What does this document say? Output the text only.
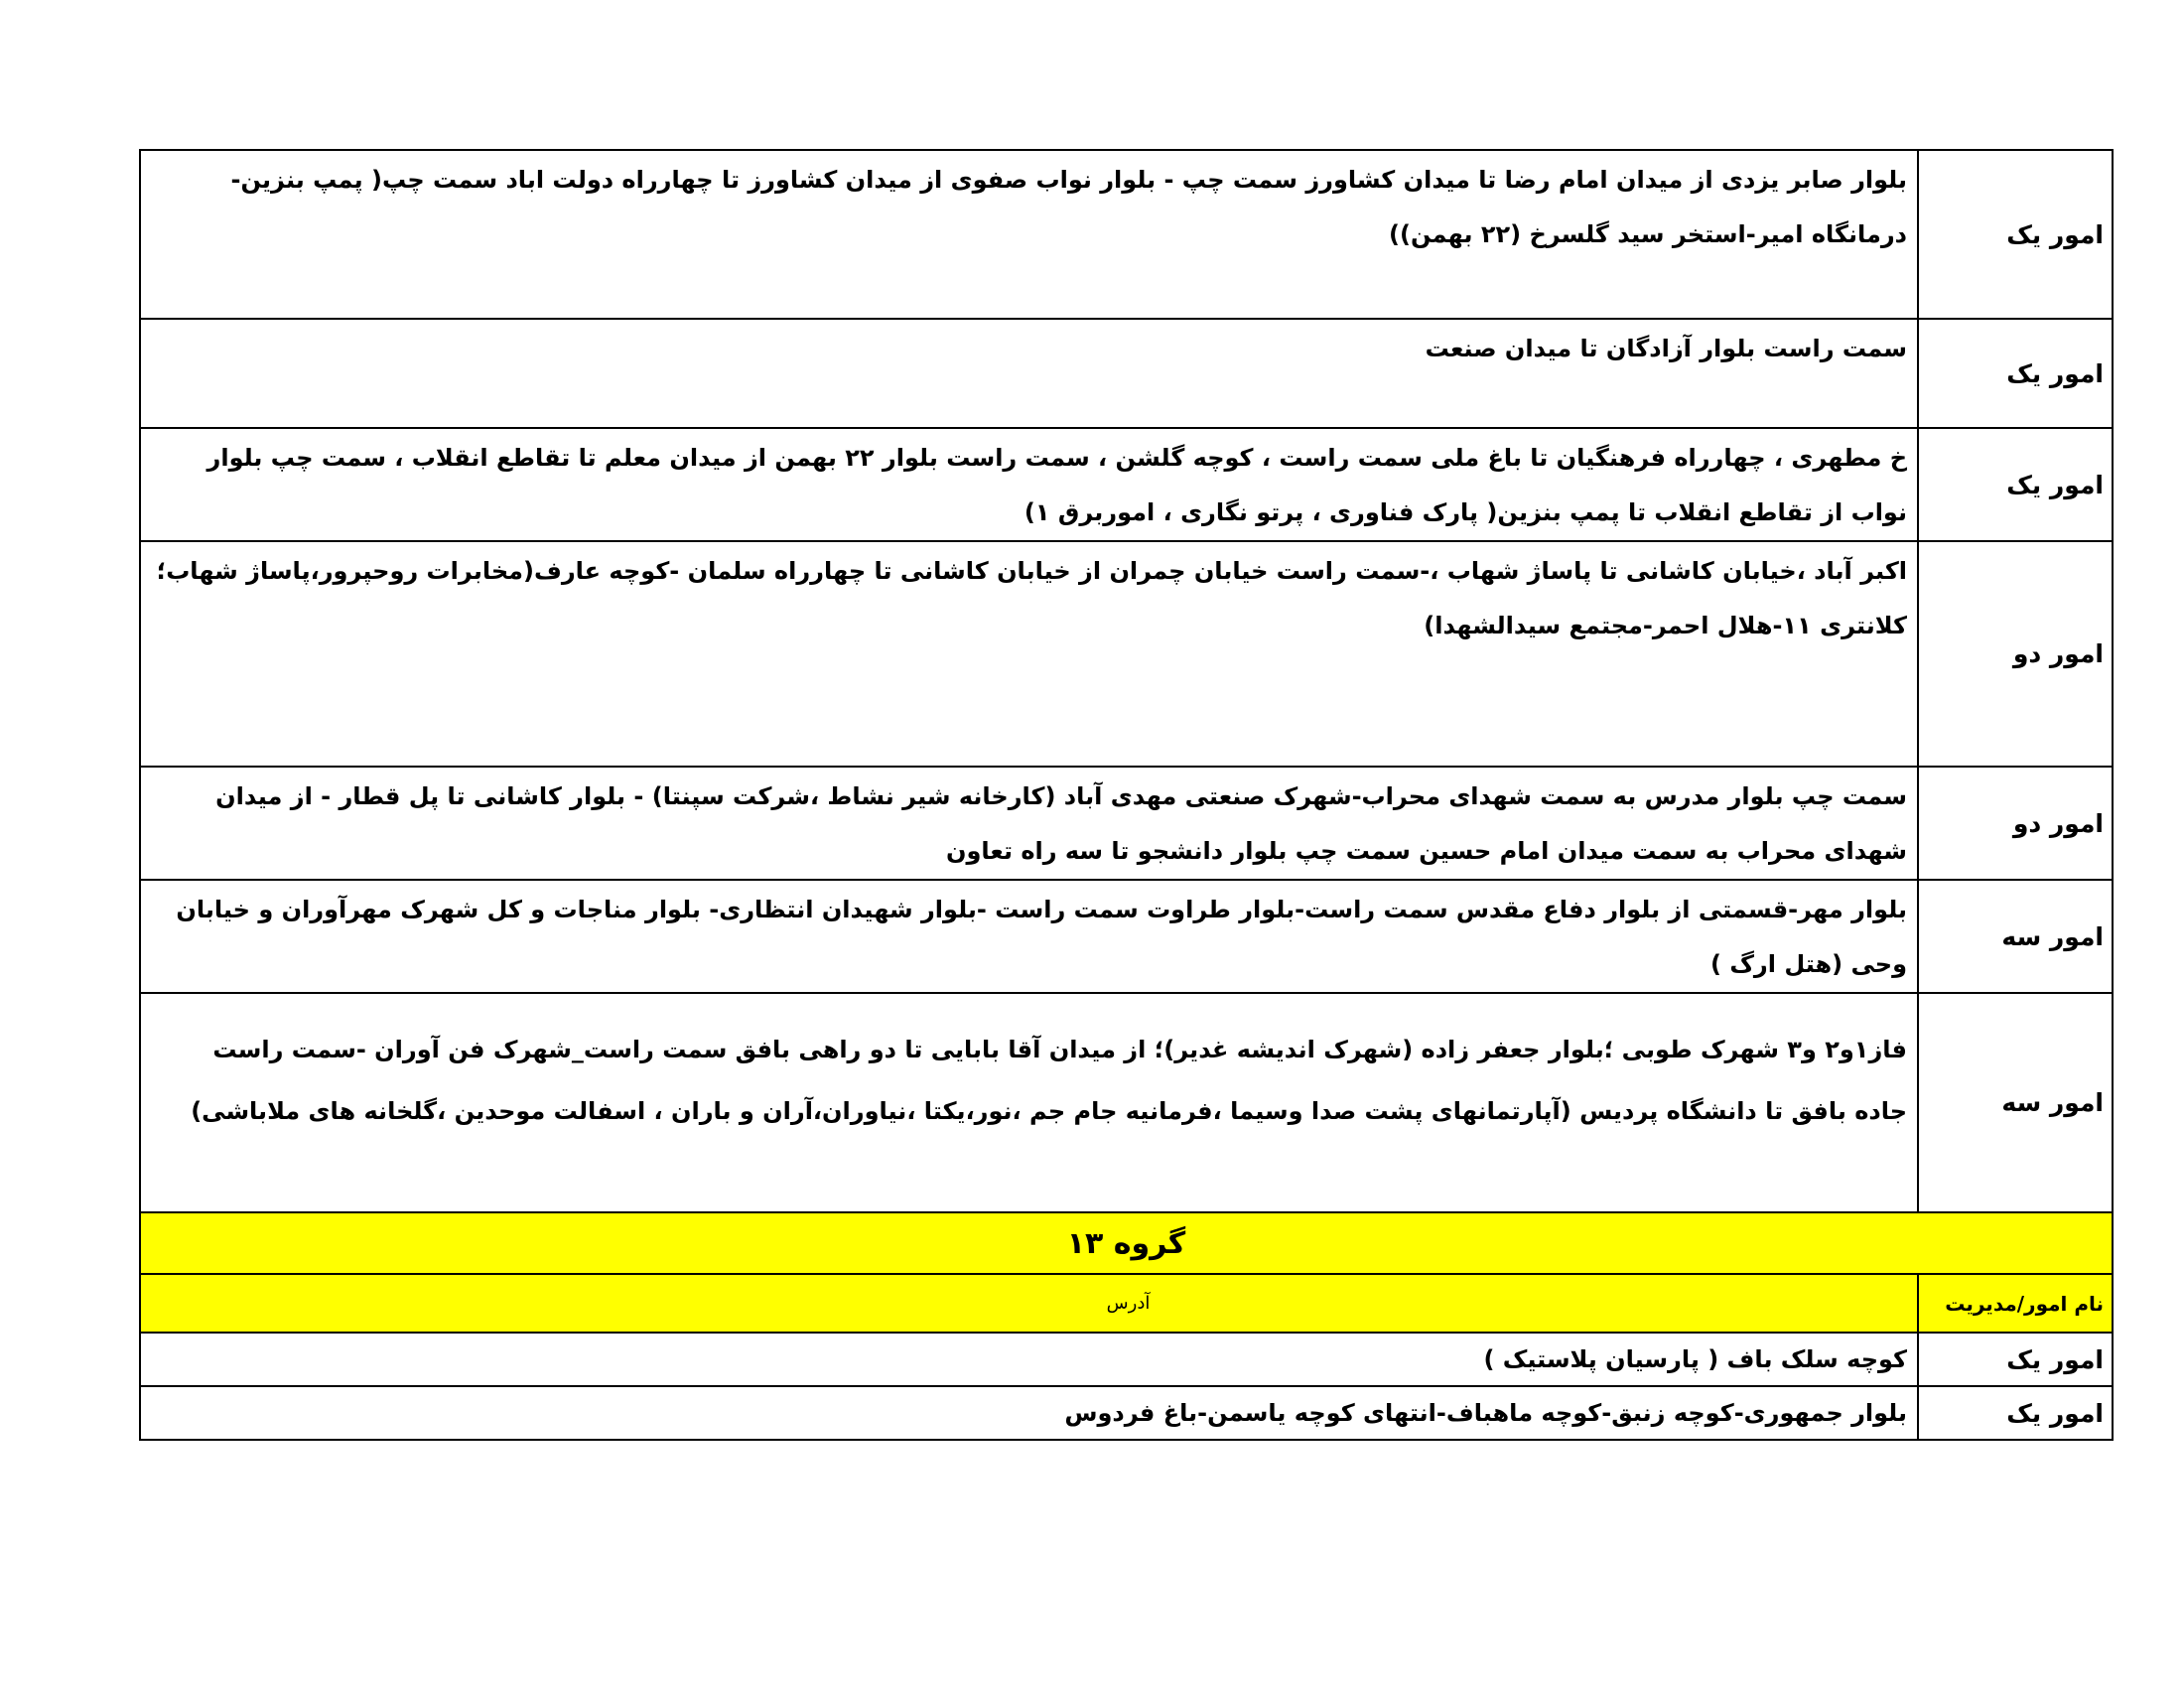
امور یک	بلوار صابر یزدی از میدان امام رضا تا میدان کشاورز سمت چپ - بلوار نواب صفوی از میدان کشاورز تا چهارراه دولت اباد سمت چپ( پمپ بنزین-درمانگاه امیر-استخر سید گلسرخ (۲۲ بهمن))
امور یک	سمت راست بلوار آزادگان تا میدان صنعت
امور یک	خ مطهری ، چهارراه فرهنگیان تا باغ ملی سمت راست ، کوچه گلشن ، سمت راست بلوار ۲۲ بهمن از میدان معلم تا تقاطع انقلاب ، سمت چپ بلوار نواب از تقاطع انقلاب تا پمپ بنزین( پارک فناوری ، پرتو نگاری ، اموربرق ۱)
امور دو	اکبر آباد ،خیابان کاشانی تا پاساژ شهاب ،-سمت راست خیابان چمران از خیابان کاشانی تا چهارراه سلمان -کوچه عارف(مخابرات روحپرور،پاساژ شهاب؛ کلانتری ۱۱-هلال احمر-مجتمع سیدالشهدا)
امور دو	سمت چپ بلوار مدرس به سمت شهدای محراب-شهرک صنعتی مهدی آباد (کارخانه شیر نشاط ،شرکت سپنتا) - بلوار کاشانی تا پل قطار - از میدان شهدای محراب به سمت میدان امام حسین سمت چپ بلوار دانشجو تا سه راه تعاون
امور سه	بلوار مهر-قسمتی از بلوار دفاع مقدس سمت راست-بلوار طراوت سمت راست -بلوار شهیدان انتظاری- بلوار مناجات و کل شهرک مهرآوران و خیابان وحی (هتل ارگ )
امور سه	فاز۱و۲ و۳ شهرک طوبی ؛بلوار جعفر زاده (شهرک اندیشه غدیر)؛ از میدان آقا بابایی تا دو راهی بافق سمت راست_شهرک فن آوران -سمت راست جاده بافق تا دانشگاه پردیس (آپارتمانهای پشت صدا وسیما ،فرمانیه جام جم ،نور،یکتا ،نیاوران،آران و باران ، اسفالت موحدین ،گلخانه های ملاباشی)
گروه ۱۳	
نام امور/مدیریت	آدرس
امور یک	کوچه سلک باف ( پارسیان پلاستیک )
امور یک	بلوار جمهوری-کوچه زنبق-کوچه ماهباف-انتهای کوچه یاسمن-باغ فردوس
